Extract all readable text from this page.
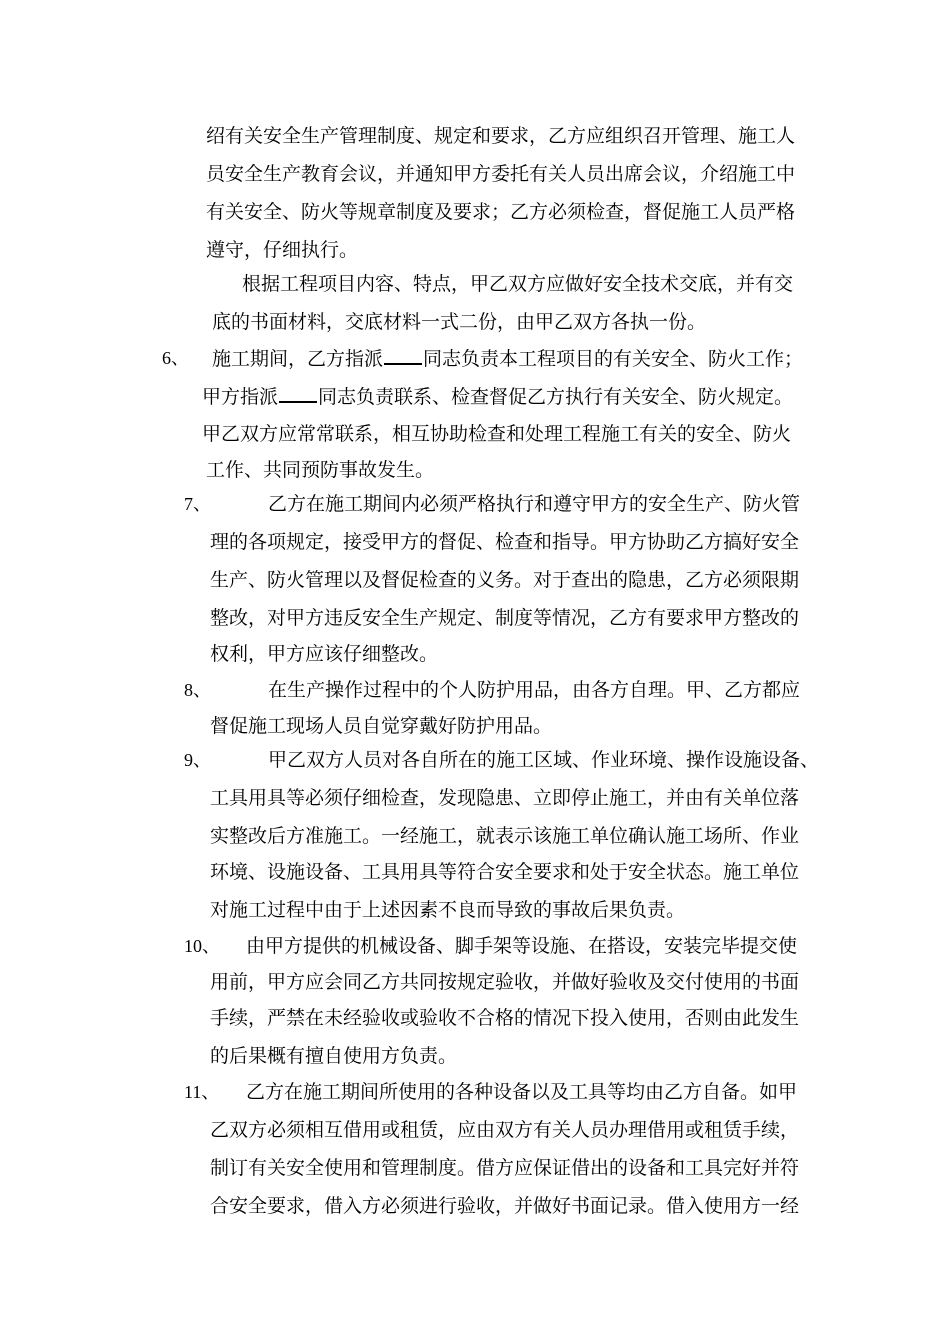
绍有关安全生产管理制度、规定和要求，乙方应组织召开管理、施工人
员安全生产教育会议，并通知甲方委托有关人员出席会议，介绍施工中
有关安全、防火等规章制度及要求；乙方必须检查，督促施工人员严格
遵守，仔细执行。
根据工程项目内容、特点，甲乙双方应做好安全技术交底，并有交
底的书面材料，交底材料一式二份，由甲乙双方各执一份。
6、 施工期间，乙方指派 同志负责本工程项目的有关安全、防火工作；
甲方指派 同志负责联系、检查督促乙方执行有关安全、防火规定。
甲乙双方应常常联系，相互协助检查和处理工程施工有关的安全、防火
工作、共同预防事故发生。
7、	乙方在施工期间内必须严格执行和遵守甲方的安全生产、防火管
理的各项规定，接受甲方的督促、检查和指导。甲方协助乙方搞好安全
生产、防火管理以及督促检查的义务。对于查出的隐患，乙方必须限期
整改，对甲方违反安全生产规定、制度等情况，乙方有要求甲方整改的
权利，甲方应该仔细整改。
8、	在生产操作过程中的个人防护用品，由各方自理。甲、乙方都应
督促施工现场人员自觉穿戴好防护用品。
9、	甲乙双方人员对各自所在的施工区域、作业环境、操作设施设备、
工具用具等必须仔细检查，发现隐患、立即停止施工，并由有关单位落
实整改后方准施工。一经施工，就表示该施工单位确认施工场所、作业
环境、设施设备、工具用具等符合安全要求和处于安全状态。施工单位
对施工过程中由于上述因素不良而导致的事故后果负责。
10、 由甲方提供的机械设备、脚手架等设施、在搭设，安装完毕提交使
用前，甲方应会同乙方共同按规定验收，并做好验收及交付使用的书面
手续，严禁在未经验收或验收不合格的情况下投入使用，否则由此发生
的后果概有擅自使用方负责。
11、 乙方在施工期间所使用的各种设备以及工具等均由乙方自备。如甲
乙双方必须相互借用或租赁，应由双方有关人员办理借用或租赁手续，
制订有关安全使用和管理制度。借方应保证借出的设备和工具完好并符
合安全要求，借入方必须进行验收，并做好书面记录。借入使用方一经
